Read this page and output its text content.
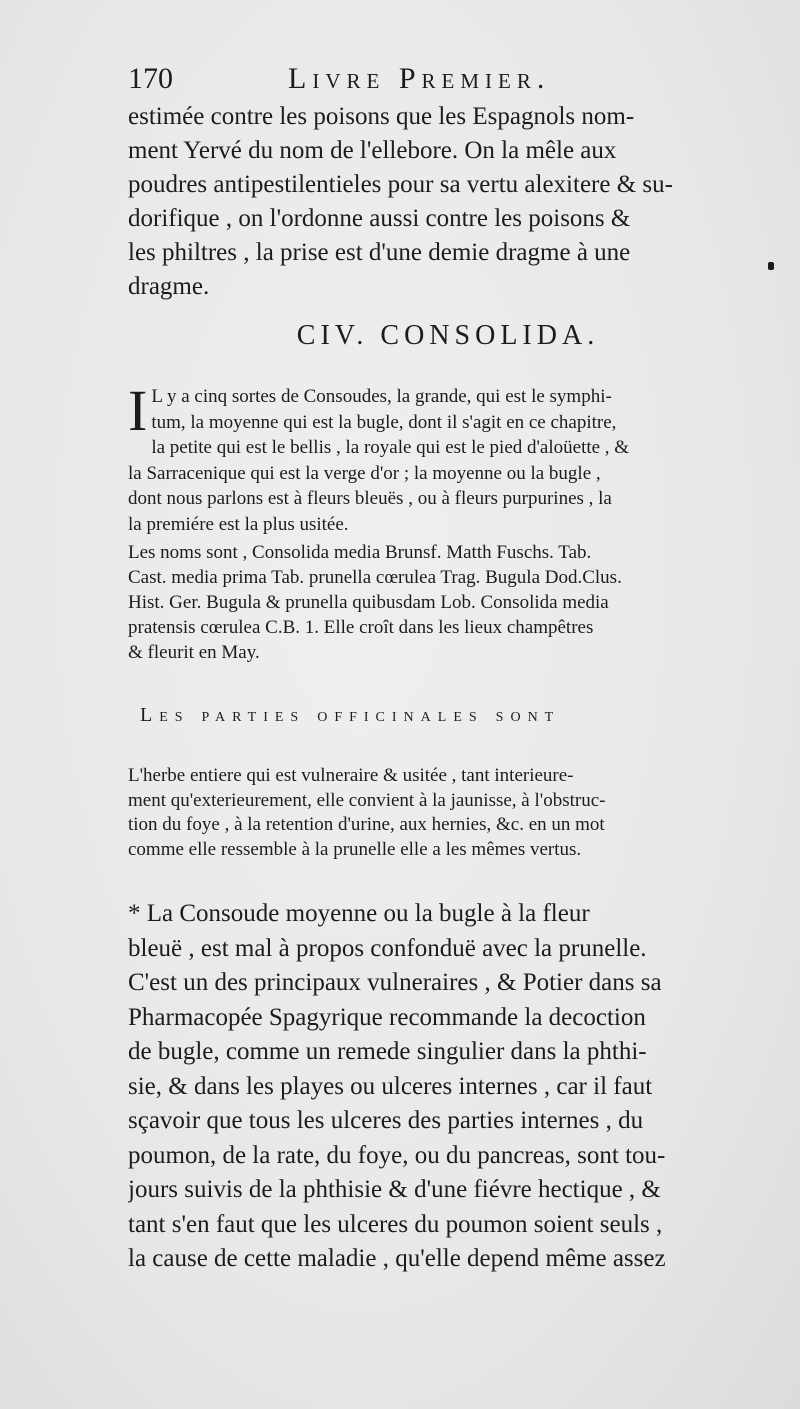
170	Livre Premier.
estimée contre les poisons que les Espagnols nom-
ment Yervé du nom de l'ellebore. On la mêle aux
poudres antipestilentieles pour sa vertu alexitere & su-
dorifique , on l'ordonne aussi contre les poisons &
les philtres , la prise est d'une demie dragme à une
dragme.
CIV. CONSOLIDA.
I L y a cinq sortes de Consoudes, la grande, qui est le symphi-
tum, la moyenne qui est la bugle, dont il s'agit en ce chapitre,
la petite qui est le bellis , la royale qui est le pied d'aloüette , &
la Sarracenique qui est la verge d'or ; la moyenne ou la bugle ,
dont nous parlons est à fleurs bleuës , ou à fleurs purpurines , la
la premiére est la plus usitée.
Les noms sont , Consolida media Brunsf. Matth Fuschs. Tab.
Cast. media prima Tab. prunella cœrulea Trag. Bugula Dod.Clus.
Hist. Ger. Bugula & prunella quibusdam Lob. Consolida media
pratensis cœrulea C.B. 1. Elle croît dans les lieux champêtres
& fleurit en May.
Les parties officinales sont
L'herbe entiere qui est vulneraire & usitée , tant interieure-
ment qu'exterieurement, elle convient à la jaunisse, à l'obstruc-
tion du foye , à la retention d'urine, aux hernies, &c. en un mot
comme elle ressemble à la prunelle elle a les mêmes vertus.
* La Consoude moyenne ou la bugle à la fleur
bleuë , est mal à propos confonduë avec la prunelle.
C'est un des principaux vulneraires , & Potier dans sa
Pharmacopée Spagyrique recommande la decoction
de bugle, comme un remede singulier dans la phthi-
sie, & dans les playes ou ulceres internes , car il faut
sçavoir que tous les ulceres des parties internes , du
poumon, de la rate, du foye, ou du pancreas, sont tou-
jours suivis de la phthisie & d'une fiévre hectique , &
tant s'en faut que les ulceres du poumon soient seuls ,
la cause de cette maladie , qu'elle depend même assez
